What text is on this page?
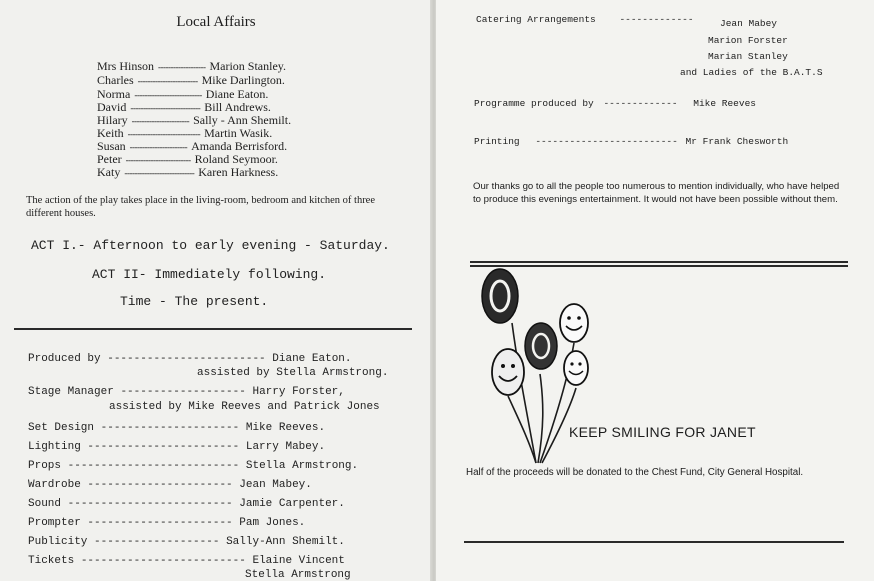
Local Affairs
Mrs Hinson ------------------- Marion Stanley.
Charles ------------------------ Mike Darlington.
Norma --------------------------- Diane Eaton.
David ---------------------------- Bill Andrews.
Hilary ----------------------- Sally - Ann Shemilt.
Keith ----------------------------- Martin Wasik.
Susan ----------------------- Amanda Berrisford.
Peter -------------------------- Roland Seymoor.
Katy ---------------------------- Karen Harkness.
The action of the play takes place in the living-room, bedroom and kitchen of three different houses.
ACT I.- Afternoon to early evening - Saturday.
ACT II- Immediately following.
Time - The present.
Produced by ------------------------ Diane Eaton.
assisted by Stella Armstrong.
Stage Manager ------------------- Harry Forster,
assisted by Mike Reeves and Patrick Jones
Set Design --------------------- Mike Reeves.
Lighting ----------------------- Larry Mabey.
Props -------------------------- Stella Armstrong.
Wardrobe ---------------------- Jean Mabey.
Sound ------------------------- Jamie Carpenter.
Prompter ---------------------- Pam Jones.
Publicity ------------------- Sally-Ann Shemilt.
Tickets ------------------------- Elaine Vincent
Stella Armstrong
Catering Arrangements -------------	Jean Mabey
Marion Forster
Marian Stanley
and Ladies of the B.A.T.S
Programme produced by ------------- Mike Reeves
Printing ------------------------- Mr Frank Chesworth
Our thanks go to all the people too numerous to mention individually, who have helped to produce this evenings entertainment. It would not have been possible without them.
KEEP SMILING FOR JANET
Half of the proceeds will be donated to the Chest Fund, City General Hospital.
